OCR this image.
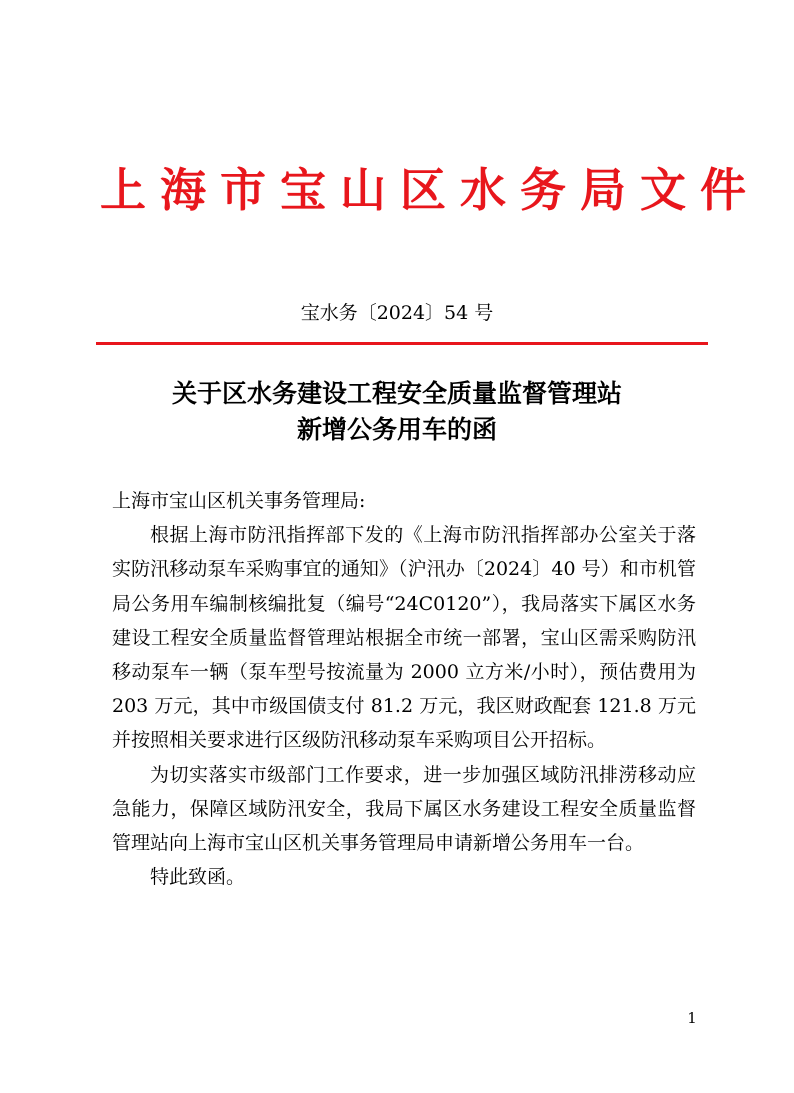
上海市宝山区水务局文件
宝水务〔2024〕54 号
关于区水务建设工程安全质量监督管理站
新增公务用车的函

上海市宝山区机关事务管理局:

根据上海市防汛指挥部下发的《上海市防汛指挥部办公室关于落实防汛移动泵车采购事宜的通知》（沪汛办〔2024〕40 号）和市机管局公务用车编制核编批复（编号“24C0120”），我局落实下属区水务建设工程安全质量监督管理站根据全市统一部署，宝山区需采购防汛移动泵车一辆（泵车型号按流量为 2000 立方米/小时），预估费用为 203 万元，其中市级国债支付 81.2 万元，我区财政配套 121.8 万元并按照相关要求进行区级防汛移动泵车采购项目公开招标。

为切实落实市级部门工作要求，进一步加强区域防汛排涝移动应急能力，保障区域防汛安全，我局下属区水务建设工程安全质量监督管理站向上海市宝山区机关事务管理局申请新增公务用车一台。

特此致函。

1
